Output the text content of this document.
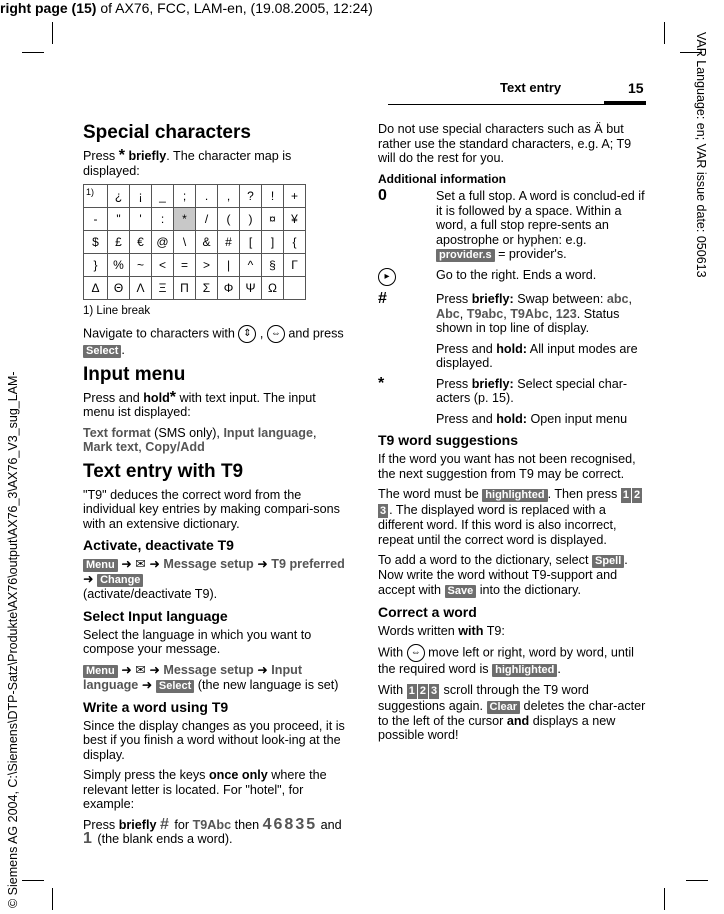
right page (15) of AX76, FCC, LAM-en, (19.08.2005, 12:24)
VAR Language: en; VAR issue date: 050613
© Siemens AG 2004, C:\Siemens\DTP-Satz\Produkte\AX76\output\AX76_3\AX76_V3_sug_LAM-
Text entry	15
Special characters

Press * briefly. The character map is displayed:

1)	¿	¡	_	;	.	,	?	!	+
-	"	'	:	*	/	(	)	¤	¥
$	£	€	@	\	&	#	[	]	{
}	%	~	<	=	>	|	^	§	Γ
Δ	Θ	Λ	Ξ	Π	Σ	Φ	Ψ	Ω	

1) Line break

Navigate to characters with ⇕ , ⇔ and press Select .

Input menu

Press and hold* with text input. The input menu ist displayed:

Text format (SMS only), Input language, Mark text, Copy/Add

Text entry with T9

"T9" deduces the correct word from the individual key entries by making compari-sons with an extensive dictionary.

Activate, deactivate T9

Menu ➜ ✉ ➜ Message setup ➜ T9 preferred ➜ Change
(activate/deactivate T9).

Select Input language

Select the language in which you want to compose your message.

Menu ➜ ✉ ➜ Message setup ➜ Input language ➜ Select (the new language is set)

Write a word using T9

Since the display changes as you proceed, it is best if you finish a word without look-ing at the display.

Simply press the keys once only where the relevant letter is located. For "hotel", for example:

Press briefly # for T9Abc then 46835 and
1 (the blank ends a word).

Do not use special characters such as Ä but rather use the standard characters, e.g. A; T9 will do the rest for you.

Additional information
0	Set a full stop. A word is conclud-ed if it is followed by a space. Within a word, a full stop repre-sents an apostrophe or hyphen: e.g. provider.s = provider's.
▸	Go to the right. Ends a word.
#	Press briefly: Swap between: abc, Abc, T9abc, T9Abc, 123. Status shown in top line of display.
Press and hold: All input modes are displayed.
*	Press briefly: Select special char-acters (p. 15).
Press and hold: Open input menu
T9 word suggestions

If the word you want has not been recognised, the next suggestion from T9 may be correct.

The word must be highlighted . Then press 1 23 . The displayed word is replaced with a different word. If this word is also incorrect, repeat until the correct word is displayed.

To add a word to the dictionary, select Spell . Now write the word without T9-support and accept with Save into the dictionary.

Correct a word

Words written with T9:

With ⇔ move left or right, word by word, until the required word is highlighted .

With 1 2 3 scroll through the T9 word suggestions again. Clear deletes the char-acter to the left of the cursor and displays a new possible word!
